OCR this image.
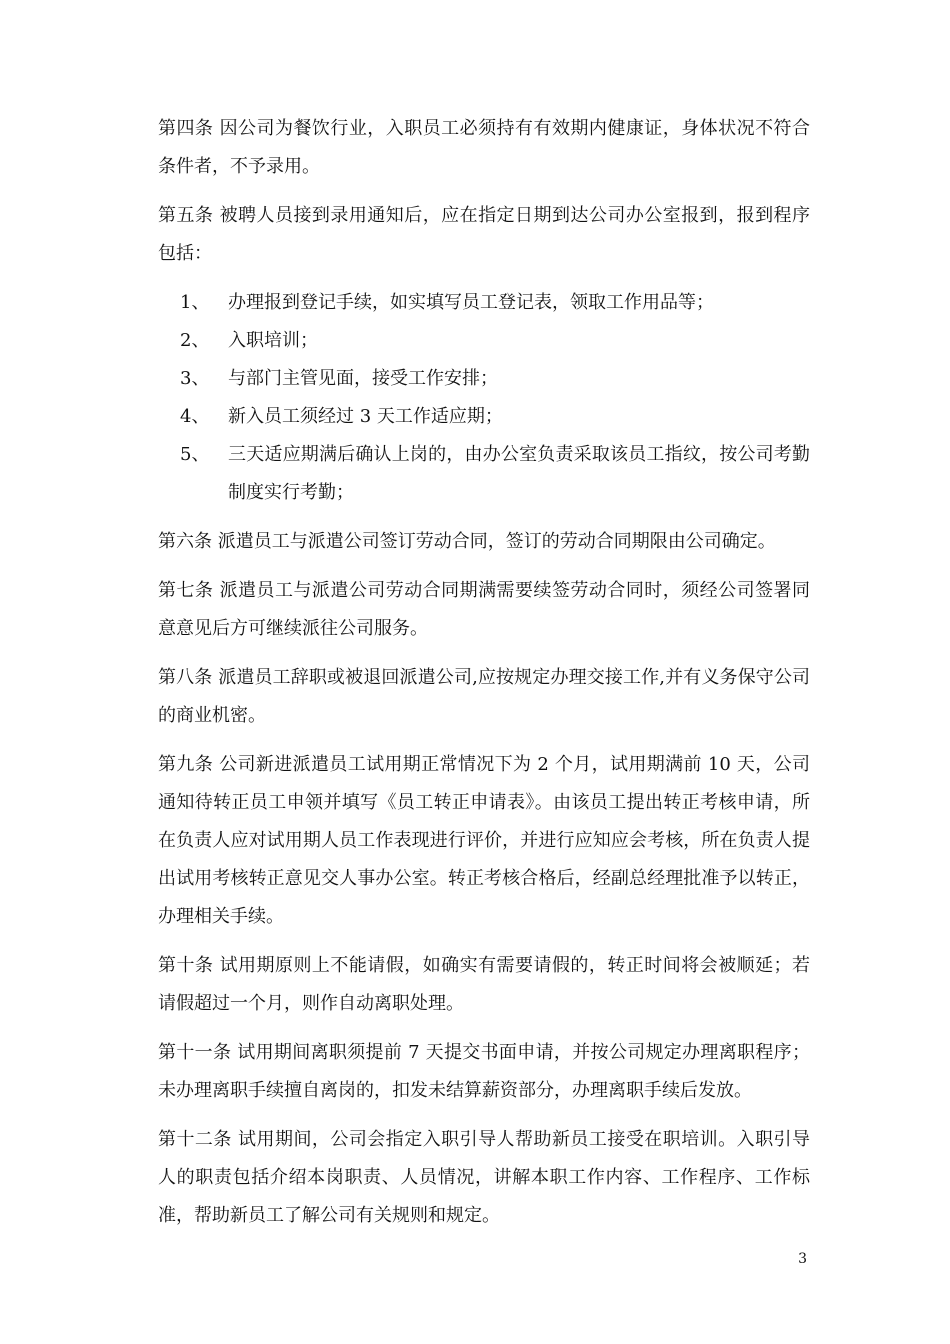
第四条 因公司为餐饮行业，入职员工必须持有有效期内健康证，身体状况不符合条件者，不予录用。

第五条 被聘人员接到录用通知后，应在指定日期到达公司办公室报到，报到程序包括：

1、	办理报到登记手续，如实填写员工登记表，领取工作用品等；
2、	入职培训；
3、	与部门主管见面，接受工作安排；
4、	新入员工须经过 3 天工作适应期；
5、	三天适应期满后确认上岗的，由办公室负责采取该员工指纹，按公司考勤制度实行考勤；

第六条 派遣员工与派遣公司签订劳动合同，签订的劳动合同期限由公司确定。

第七条 派遣员工与派遣公司劳动合同期满需要续签劳动合同时，须经公司签署同意意见后方可继续派往公司服务。

第八条 派遣员工辞职或被退回派遣公司,应按规定办理交接工作,并有义务保守公司的商业机密。

第九条 公司新进派遣员工试用期正常情况下为 2 个月，试用期满前 10 天，公司通知待转正员工申领并填写《员工转正申请表》。由该员工提出转正考核申请，所在负责人应对试用期人员工作表现进行评价，并进行应知应会考核，所在负责人提出试用考核转正意见交人事办公室。转正考核合格后，经副总经理批准予以转正，办理相关手续。

第十条 试用期原则上不能请假，如确实有需要请假的，转正时间将会被顺延；若请假超过一个月，则作自动离职处理。

第十一条 试用期间离职须提前 7 天提交书面申请，并按公司规定办理离职程序；未办理离职手续擅自离岗的，扣发未结算薪资部分，办理离职手续后发放。

第十二条 试用期间，公司会指定入职引导人帮助新员工接受在职培训。入职引导人的职责包括介绍本岗职责、人员情况，讲解本职工作内容、工作程序、工作标准，帮助新员工了解公司有关规则和规定。

3
